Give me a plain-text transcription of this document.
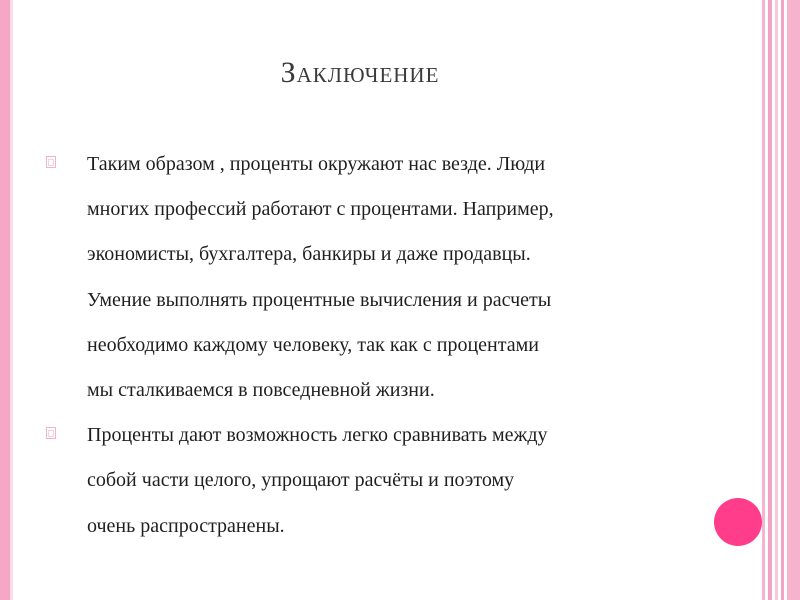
Заключение
Таким образом , проценты окружают нас везде. Люди
многих профессий работают с процентами. Например,
экономисты, бухгалтера, банкиры и даже продавцы.
Умение выполнять процентные вычисления и расчеты
необходимо каждому человеку, так как с процентами
мы сталкиваемся в повседневной жизни.
Проценты дают возможность легко сравнивать между
собой части целого, упрощают расчёты и поэтому
очень распространены.
